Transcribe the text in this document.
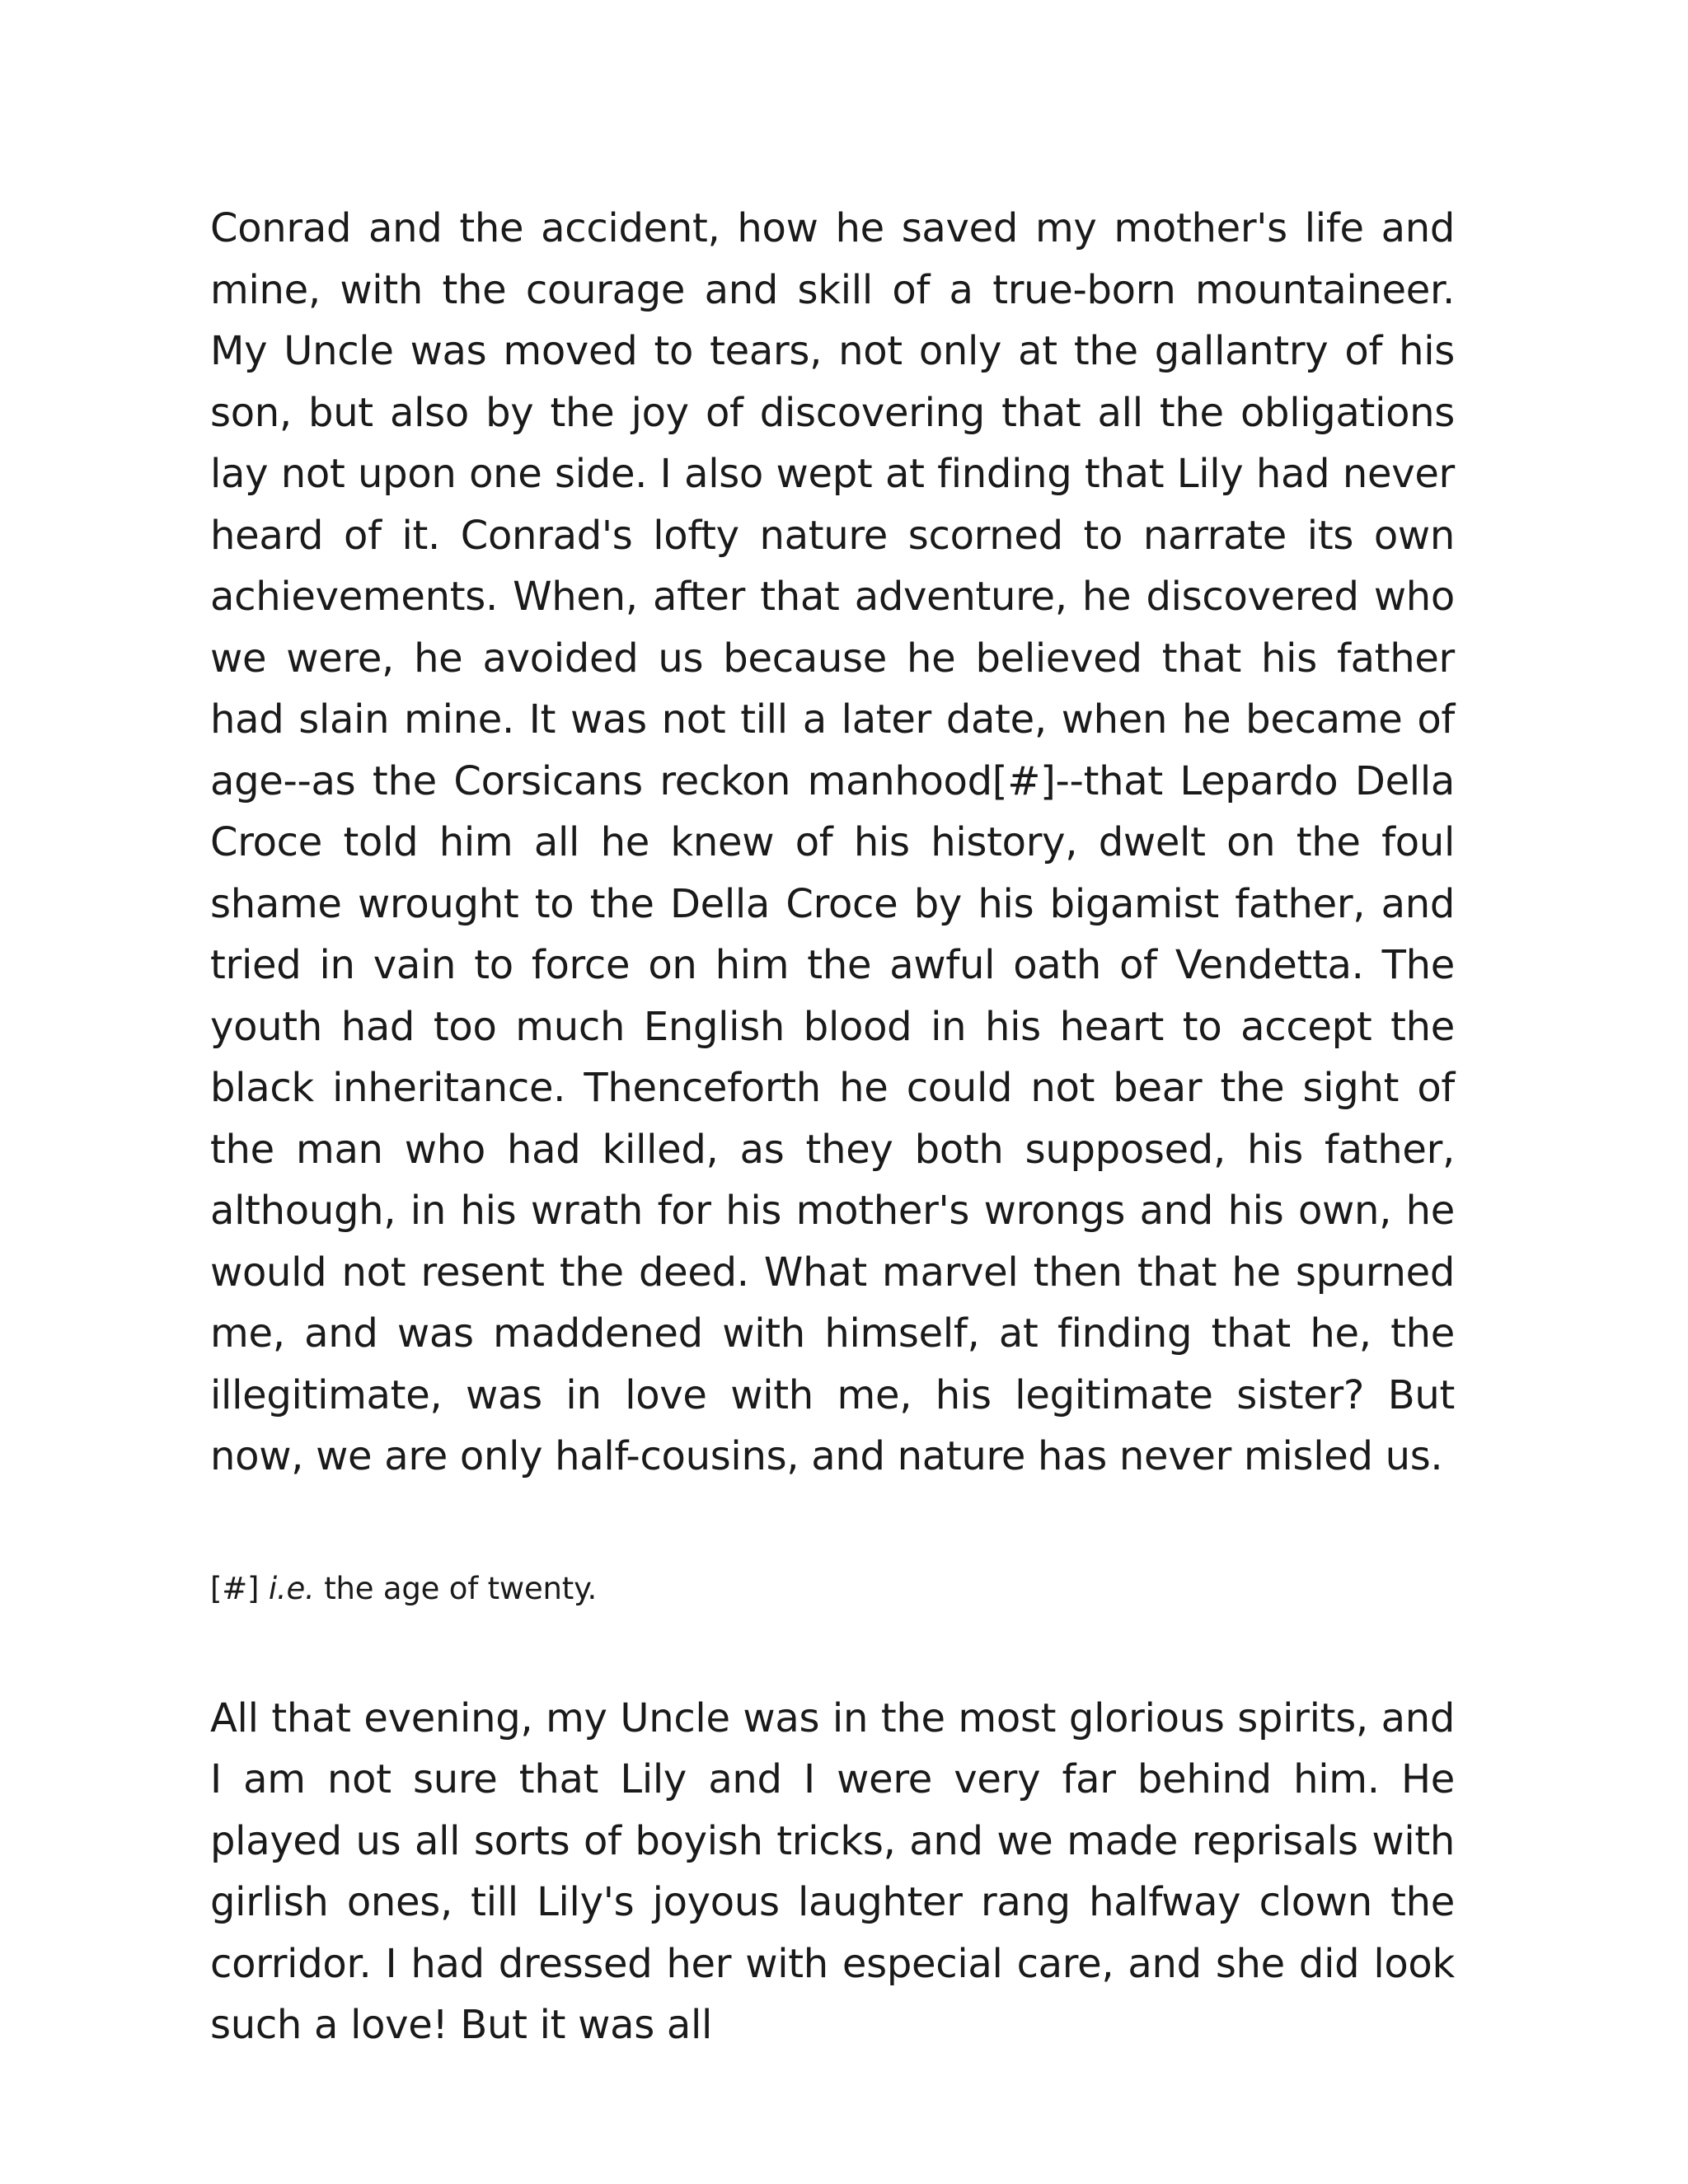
Conrad and the accident, how he saved my mother's life and mine, with the courage and skill of a true-born mountaineer. My Uncle was moved to tears, not only at the gallantry of his son, but also by the joy of discovering that all the obligations lay not upon one side. I also wept at finding that Lily had never heard of it. Conrad's lofty nature scorned to narrate its own achievements. When, after that adventure, he discovered who we were, he avoided us because he believed that his father had slain mine. It was not till a later date, when he became of age--as the Corsicans reckon manhood[#]--that Lepardo Della Croce told him all he knew of his history, dwelt on the foul shame wrought to the Della Croce by his bigamist father, and tried in vain to force on him the awful oath of Vendetta. The youth had too much English blood in his heart to accept the black inheritance. Thenceforth he could not bear the sight of the man who had killed, as they both supposed, his father, although, in his wrath for his mother's wrongs and his own, he would not resent the deed. What marvel then that he spurned me, and was maddened with himself, at finding that he, the illegitimate, was in love with me, his legitimate sister? But now, we are only half-cousins, and nature has never misled us.

[#] i.e. the age of twenty.

All that evening, my Uncle was in the most glorious spirits, and I am not sure that Lily and I were very far behind him. He played us all sorts of boyish tricks, and we made reprisals with girlish ones, till Lily's joyous laughter rang halfway clown the corridor. I had dressed her with especial care, and she did look such a love! But it was all
